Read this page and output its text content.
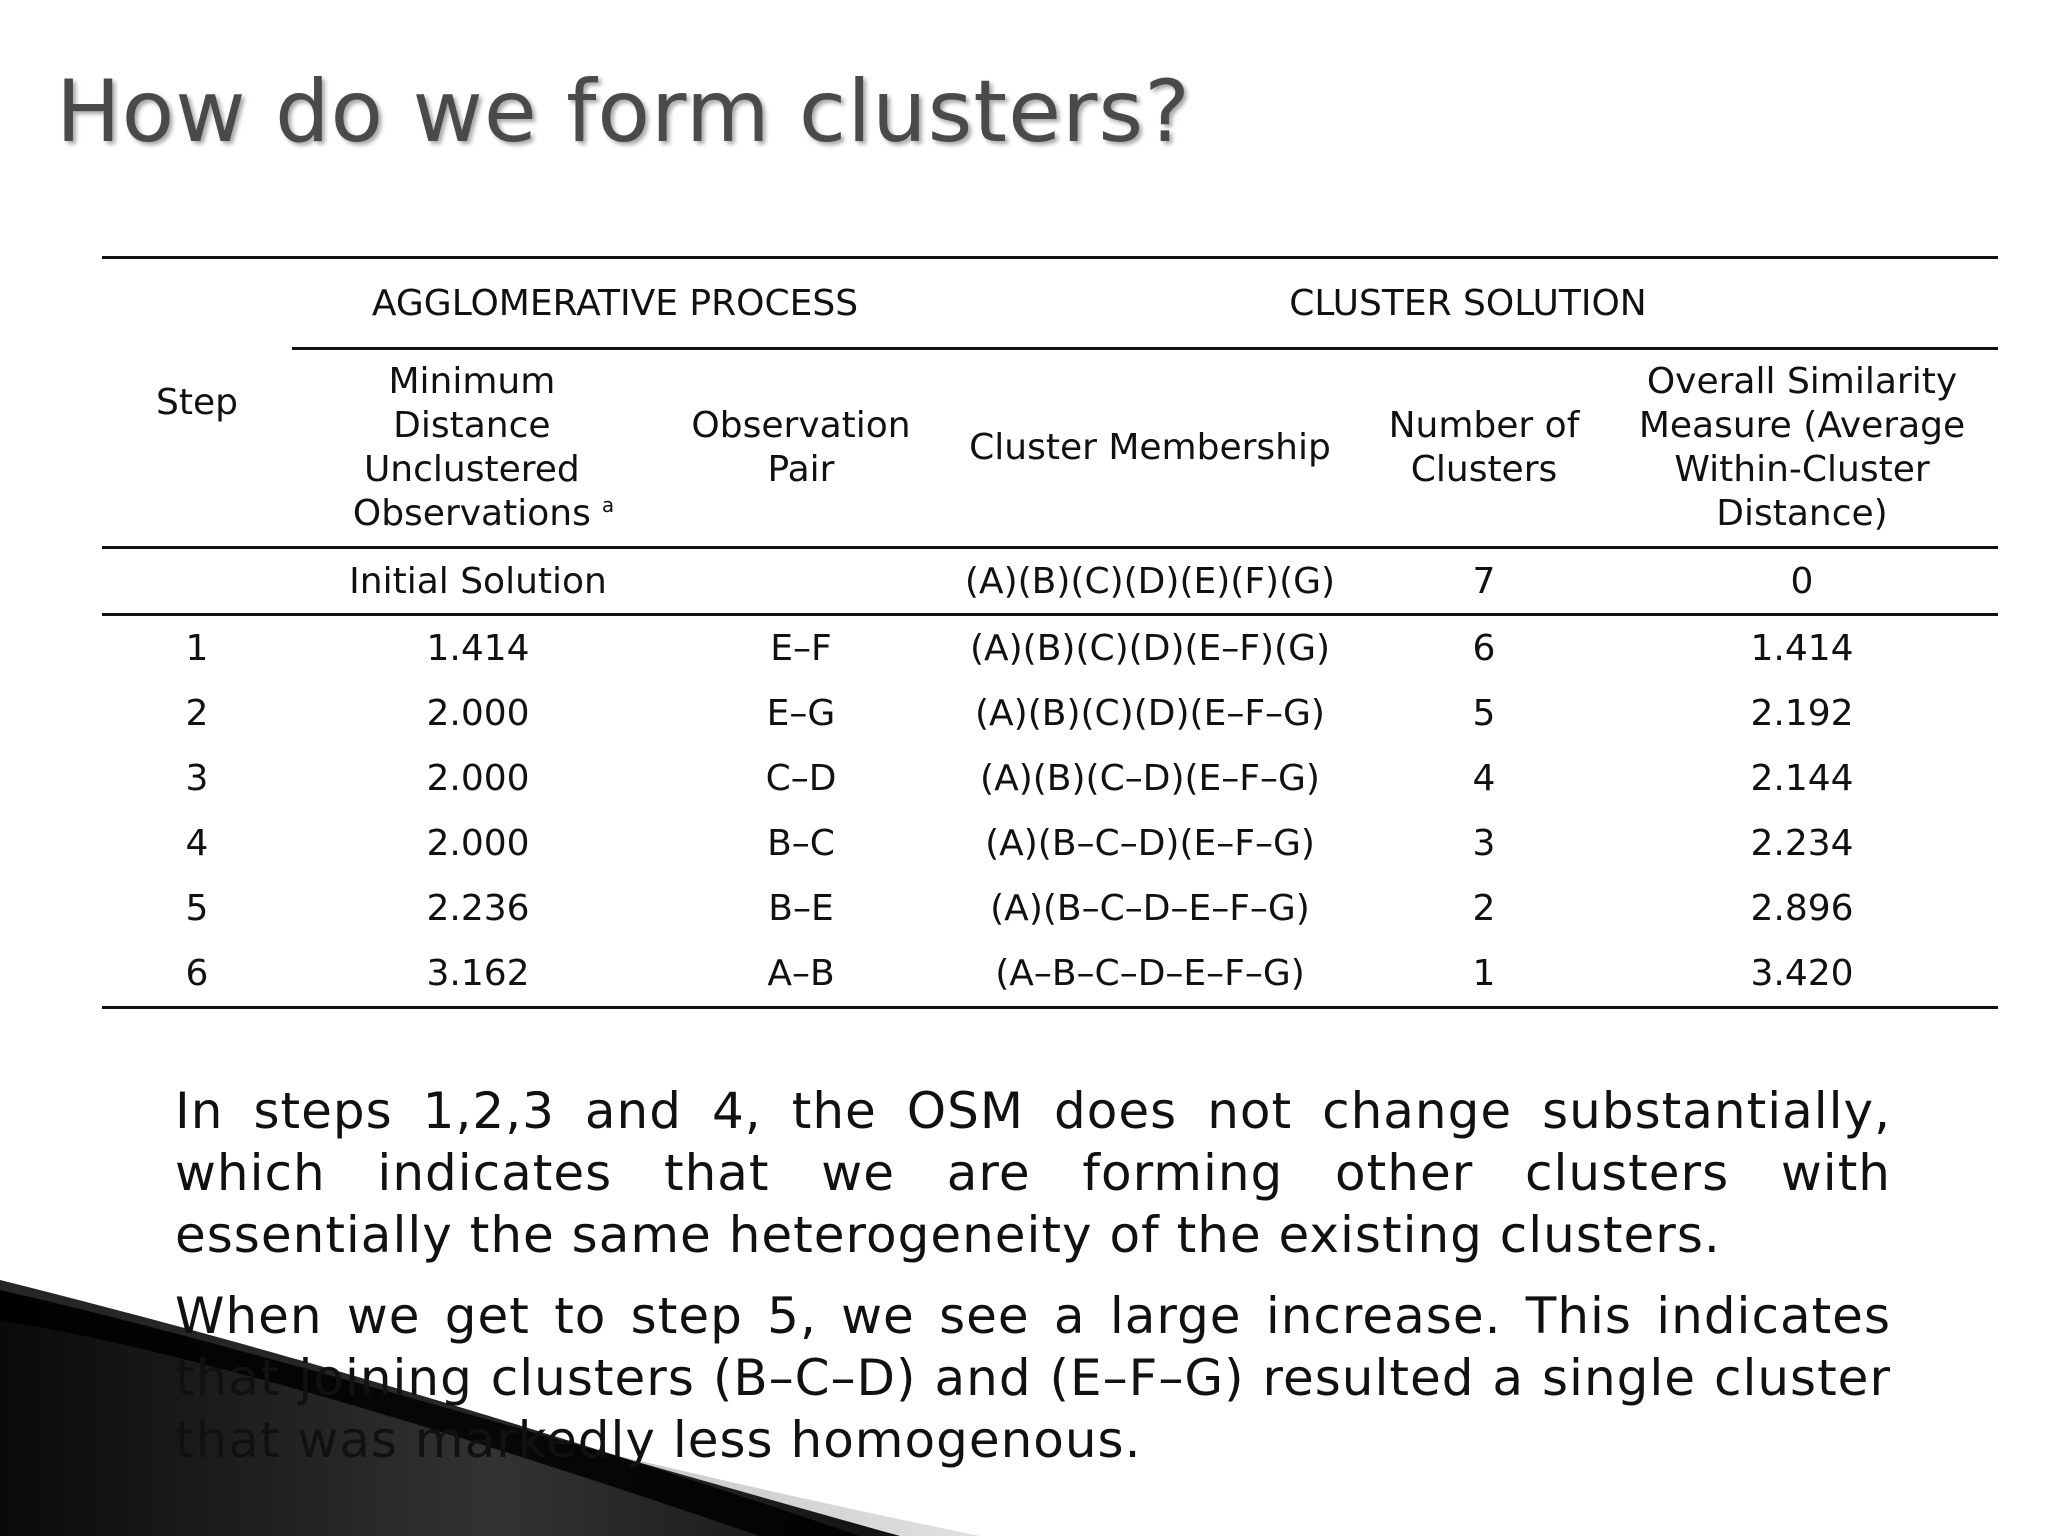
How do we form clusters?
Step	AGGLOMERATIVE PROCESS		CLUSTER SOLUTION		
	Minimum Distance Unclustered Observations $^a$	Observation Pair	Cluster Membership	Number of Clusters	Overall Similarity Measure (Average Within-Cluster Distance)
	Initial Solution		(A)(B)(C)(D)(E)(F)(G)	7	0
1	1.414	E–F	(A)(B)(C)(D)(E–F)(G)	6	1.414
2	2.000	E–G	(A)(B)(C)(D)(E–F–G)	5	2.192
3	2.000	C–D	(A)(B)(C–D)(E–F–G)	4	2.144
4	2.000	B–C	(A)(B–C–D)(E–F–G)	3	2.234
5	2.236	B–E	(A)(B–C–D–E–F–G)	2	2.896
6	3.162	A–B	(A–B–C–D–E–F–G)	1	3.420

In steps 1,2,3 and 4, the OSM does not change substantially, which indicates that we are forming other clusters with essentially the same heterogeneity of the existing clusters.

When we get to step 5, we see a large increase. This indicates that joining clusters (B–C–D) and (E–F–G) resulted a single cluster that was markedly less homogenous.
